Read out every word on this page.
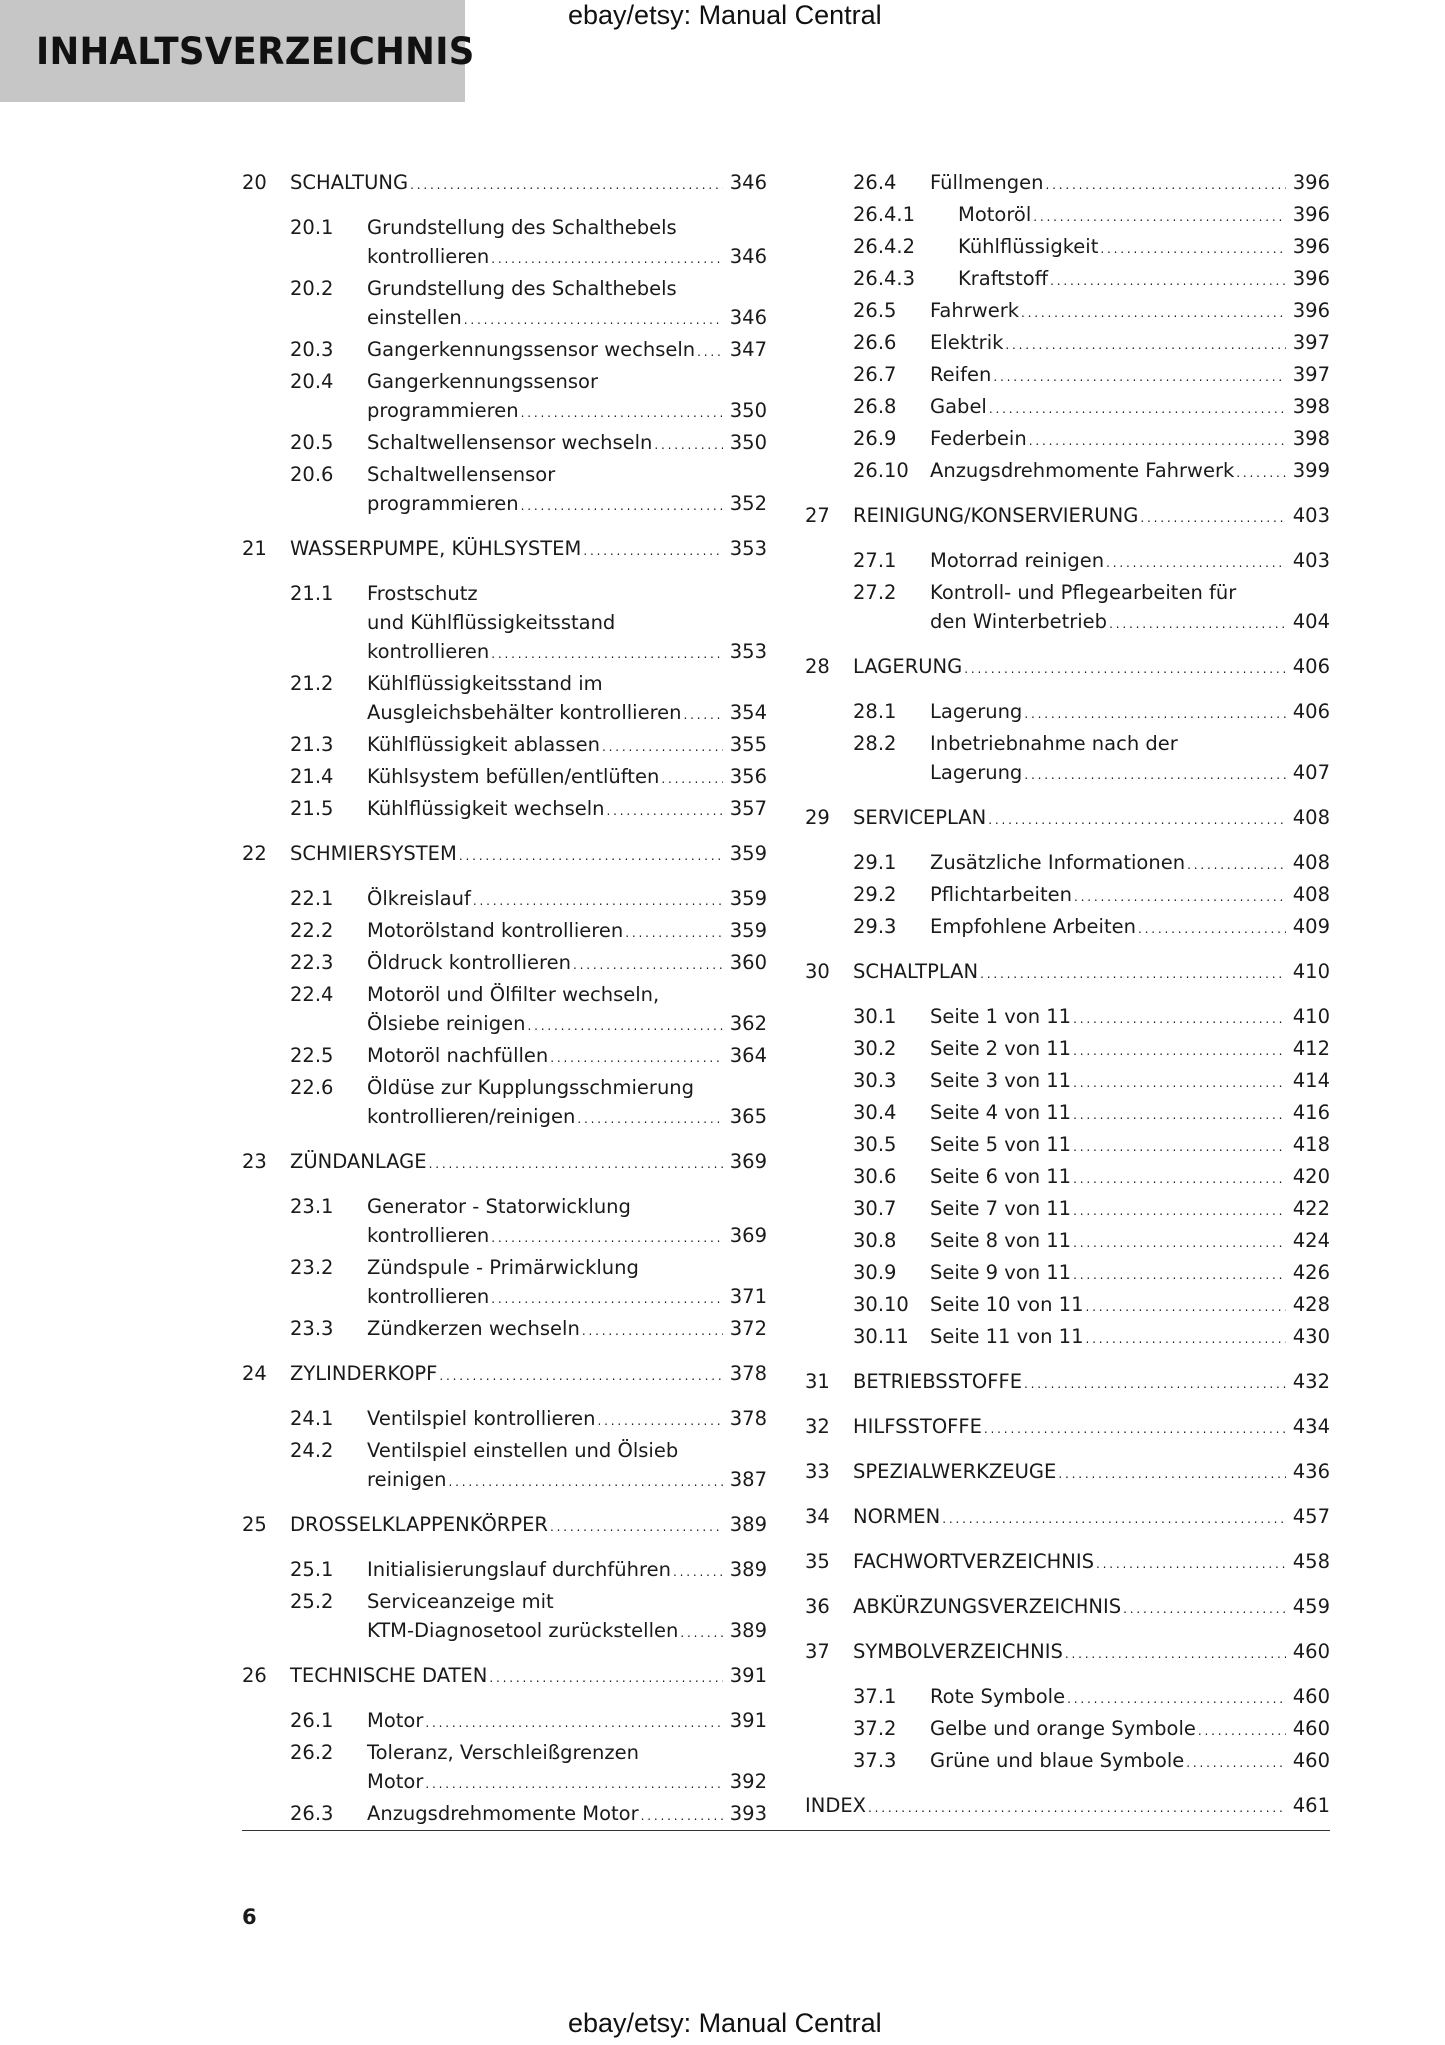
INHALTSVERZEICHNIS
ebay/etsy: Manual Central
20 SCHALTUNG . . .	346
20.1 Grundstellung des Schalthebels
kontrollieren . . .	346
20.2 Grundstellung des Schalthebels
einstellen . . .	346
20.3 Gangerkennungssensor wechseln . . . 347
20.4 Gangerkennungssensor
programmieren . . .	350
20.5 Schaltwellensensor wechseln . . .	350
20.6 Schaltwellensensor
programmieren . . .	352
21 WASSERPUMPE, KÜHLSYSTEM . . .	353
21.1 Frostschutz
und Kühlflüssigkeitsstand
kontrollieren . . .	353
21.2 Kühlflüssigkeitsstand im
Ausgleichsbehälter kontrollieren . . . 354
21.3 Kühlflüssigkeit ablassen . . .	355
21.4 Kühlsystem befüllen/entlüften . . .	356
21.5 Kühlflüssigkeit wechseln . . .	357
22 SCHMIERSYSTEM . . .	359
22.1 Ölkreislauf . . .	359
22.2 Motorölstand kontrollieren . . .	359
22.3 Öldruck kontrollieren . . .	360
22.4 Motoröl und Ölfilter wechseln,
Ölsiebe reinigen . . .	362
22.5 Motoröl nachfüllen . . .	364
22.6 Öldüse zur Kupplungsschmierung
kontrollieren/reinigen . . .	365
23 ZÜNDANLAGE . . .	369
23.1 Generator - Statorwicklung
kontrollieren . . .	369
23.2 Zündspule - Primärwicklung
kontrollieren . . .	371
23.3 Zündkerzen wechseln . . .	372
24 ZYLINDERKOPF . . .	378
24.1 Ventilspiel kontrollieren . . .	378
24.2 Ventilspiel einstellen und Ölsieb
reinigen . . .	387
25 DROSSELKLAPPENKÖRPER . . .	389
25.1 Initialisierungslauf durchführen . . .	389
25.2 Serviceanzeige mit
KTM-Diagnosetool zurückstellen . . .	389
26 TECHNISCHE DATEN . . .	391
26.1 Motor . . .	391
26.2 Toleranz, Verschleißgrenzen
Motor . . .	392
26.3 Anzugsdrehmomente Motor . . .	393
26.4 Füllmengen . . .	396
26.4.1 Motoröl . . .	396
26.4.2 Kühlflüssigkeit . . .	396
26.4.3 Kraftstoff . . .	396
26.5 Fahrwerk . . .	396
26.6 Elektrik . . .	397
26.7 Reifen . . .	397
26.8 Gabel . . .	398
26.9 Federbein . . .	398
26.10 Anzugsdrehmomente Fahrwerk . . .	399
27 REINIGUNG/KONSERVIERUNG . . .	403
27.1 Motorrad reinigen . . .	403
27.2 Kontroll- und Pflegearbeiten für
den Winterbetrieb . . .	404
28 LAGERUNG . . .	406
28.1 Lagerung . . .	406
28.2 Inbetriebnahme nach der
Lagerung . . .	407
29 SERVICEPLAN . . .	408
29.1 Zusätzliche Informationen . . .	408
29.2 Pflichtarbeiten . . .	408
29.3 Empfohlene Arbeiten . . .	409
30 SCHALTPLAN . . .	410
30.1 Seite 1 von 11 . . .	410
30.2 Seite 2 von 11 . . .	412
30.3 Seite 3 von 11 . . .	414
30.4 Seite 4 von 11 . . .	416
30.5 Seite 5 von 11 . . .	418
30.6 Seite 6 von 11 . . .	420
30.7 Seite 7 von 11 . . .	422
30.8 Seite 8 von 11 . . .	424
30.9 Seite 9 von 11 . . .	426
30.10 Seite 10 von 11 . . .	428
30.11 Seite 11 von 11 . . .	430
31 BETRIEBSSTOFFE . . .	432
32 HILFSSTOFFE . . .	434
33 SPEZIALWERKZEUGE . . .	436
34 NORMEN . . .	457
35 FACHWORTVERZEICHNIS . . .	458
36 ABKÜRZUNGSVERZEICHNIS . . .	459
37 SYMBOLVERZEICHNIS . . .	460
37.1 Rote Symbole . . .	460
37.2 Gelbe und orange Symbole . . .	460
37.3 Grüne und blaue Symbole . . .	460
INDEX . . .	461
6
ebay/etsy: Manual Central
